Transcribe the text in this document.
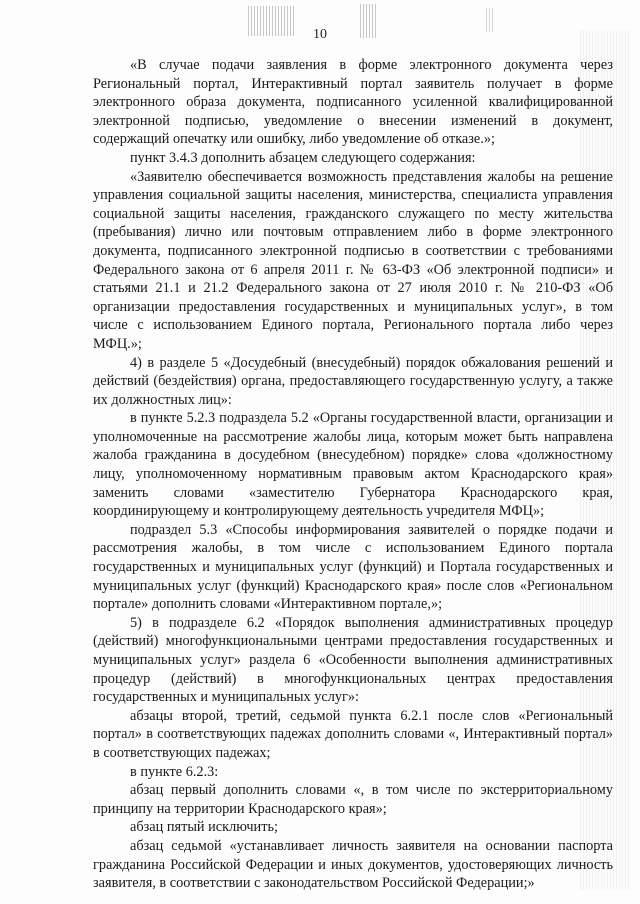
10

«В случае подачи заявления в форме электронного документа через Региональный портал, Интерактивный портал заявитель получает в форме электронного образа документа, подписанного усиленной квалифицированной электронной подписью, уведомление о внесении изменений в документ, содержащий опечатку или ошибку, либо уведомление об отказе.»;

пункт 3.4.3 дополнить абзацем следующего содержания:

«Заявителю обеспечивается возможность представления жалобы на решение управления социальной защиты населения, министерства, специалиста управления социальной защиты населения, гражданского служащего по месту жительства (пребывания) лично или почтовым отправлением либо в форме электронного документа, подписанного электронной подписью в соответствии с требованиями Федерального закона от 6 апреля 2011 г. № 63-ФЗ «Об электронной подписи» и статьями 21.1 и 21.2 Федерального закона от 27 июля 2010 г. № 210-ФЗ «Об организации предоставления государственных и муниципальных услуг», в том числе с использованием Единого портала, Регионального портала либо через МФЦ.»;

4) в разделе 5 «Досудебный (внесудебный) порядок обжалования решений и действий (бездействия) органа, предоставляющего государственную услугу, а также их должностных лиц»:

в пункте 5.2.3 подраздела 5.2 «Органы государственной власти, организации и уполномоченные на рассмотрение жалобы лица, которым может быть направлена жалоба гражданина в досудебном (внесудебном) порядке» слова «должностному лицу, уполномоченному нормативным правовым актом Краснодарского края» заменить словами «заместителю Губернатора Краснодарского края, координирующему и контролирующему деятельность учредителя МФЦ»;

подраздел 5.3 «Способы информирования заявителей о порядке подачи и рассмотрения жалобы, в том числе с использованием Единого портала государственных и муниципальных услуг (функций) и Портала государственных и муниципальных услуг (функций) Краснодарского края» после слов «Региональном портале» дополнить словами «Интерактивном портале,»;

5) в подразделе 6.2 «Порядок выполнения административных процедур (действий) многофункциональными центрами предоставления государственных и муниципальных услуг» раздела 6 «Особенности выполнения административных процедур (действий) в многофункциональных центрах предоставления государственных и муниципальных услуг»:

абзацы второй, третий, седьмой пункта 6.2.1 после слов «Региональный портал» в соответствующих падежах дополнить словами «, Интерактивный портал» в соответствующих падежах;

в пункте 6.2.3:

абзац первый дополнить словами «, в том числе по экстерриториальному принципу на территории Краснодарского края»;

абзац пятый исключить;

абзац седьмой «устанавливает личность заявителя на основании паспорта гражданина Российской Федерации и иных документов, удостоверяющих личность заявителя, в соответствии с законодательством Российской Федерации;»
